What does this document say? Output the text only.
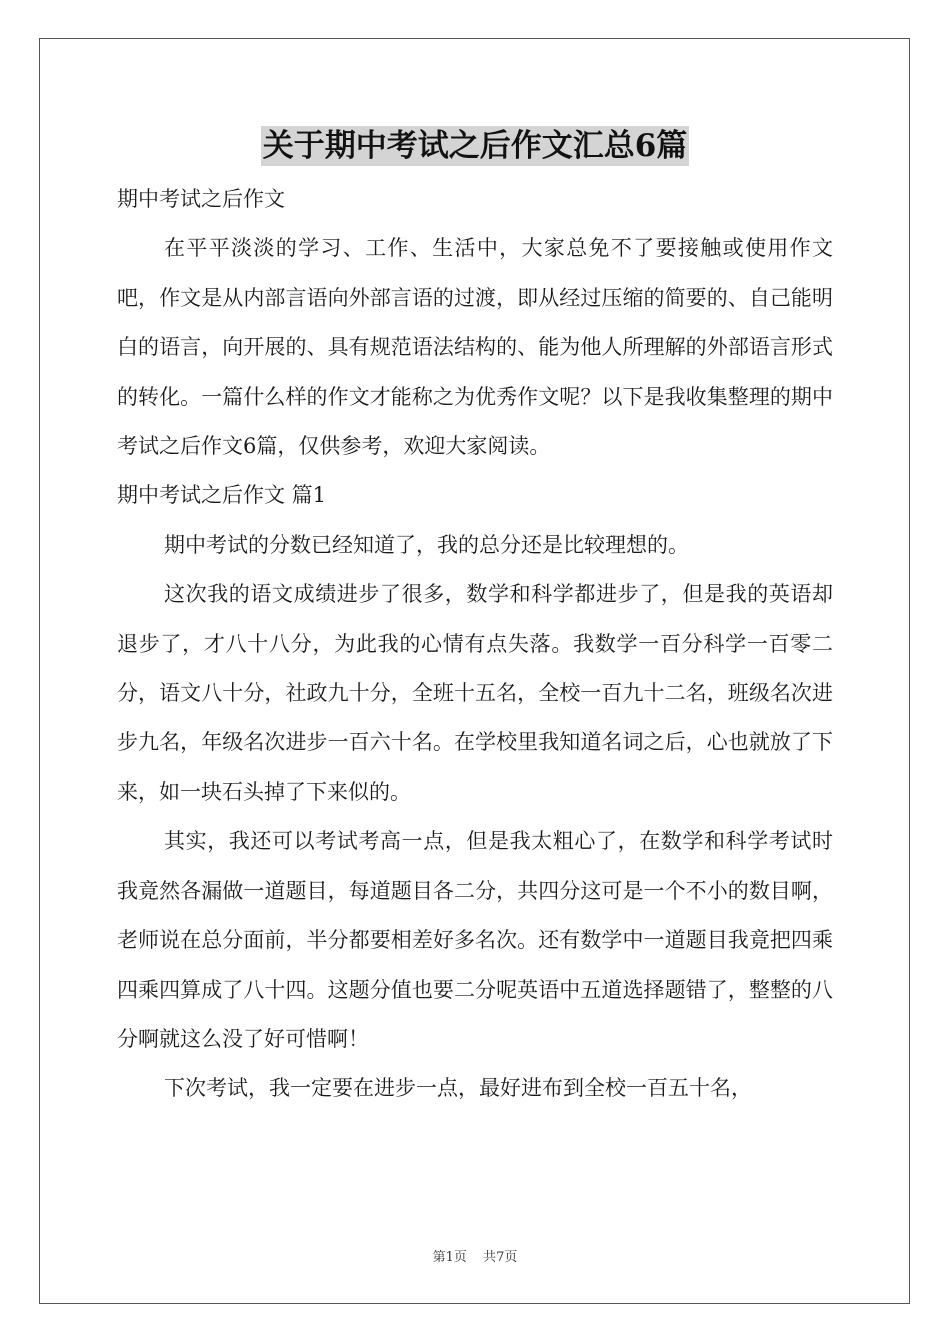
关于期中考试之后作文汇总6篇

期中考试之后作文

在平平淡淡的学习、工作、生活中，大家总免不了要接触或使用作文吧，作文是从内部言语向外部言语的过渡，即从经过压缩的简要的、自己能明白的语言，向开展的、具有规范语法结构的、能为他人所理解的外部语言形式的转化。一篇什么样的作文才能称之为优秀作文呢？以下是我收集整理的期中考试之后作文6篇，仅供参考，欢迎大家阅读。

期中考试之后作文 篇1

期中考试的分数已经知道了，我的总分还是比较理想的。

这次我的语文成绩进步了很多，数学和科学都进步了，但是我的英语却退步了，才八十八分，为此我的心情有点失落。我数学一百分科学一百零二分，语文八十分，社政九十分，全班十五名，全校一百九十二名，班级名次进步九名，年级名次进步一百六十名。在学校里我知道名词之后，心也就放了下来，如一块石头掉了下来似的。

其实，我还可以考试考高一点，但是我太粗心了，在数学和科学考试时我竟然各漏做一道题目，每道题目各二分，共四分这可是一个不小的数目啊，老师说在总分面前，半分都要相差好多名次。还有数学中一道题目我竟把四乘四乘四算成了八十四。这题分值也要二分呢英语中五道选择题错了，整整的八分啊就这么没了好可惜啊！

下次考试，我一定要在进步一点，最好进布到全校一百五十名，

第1页 共7页
